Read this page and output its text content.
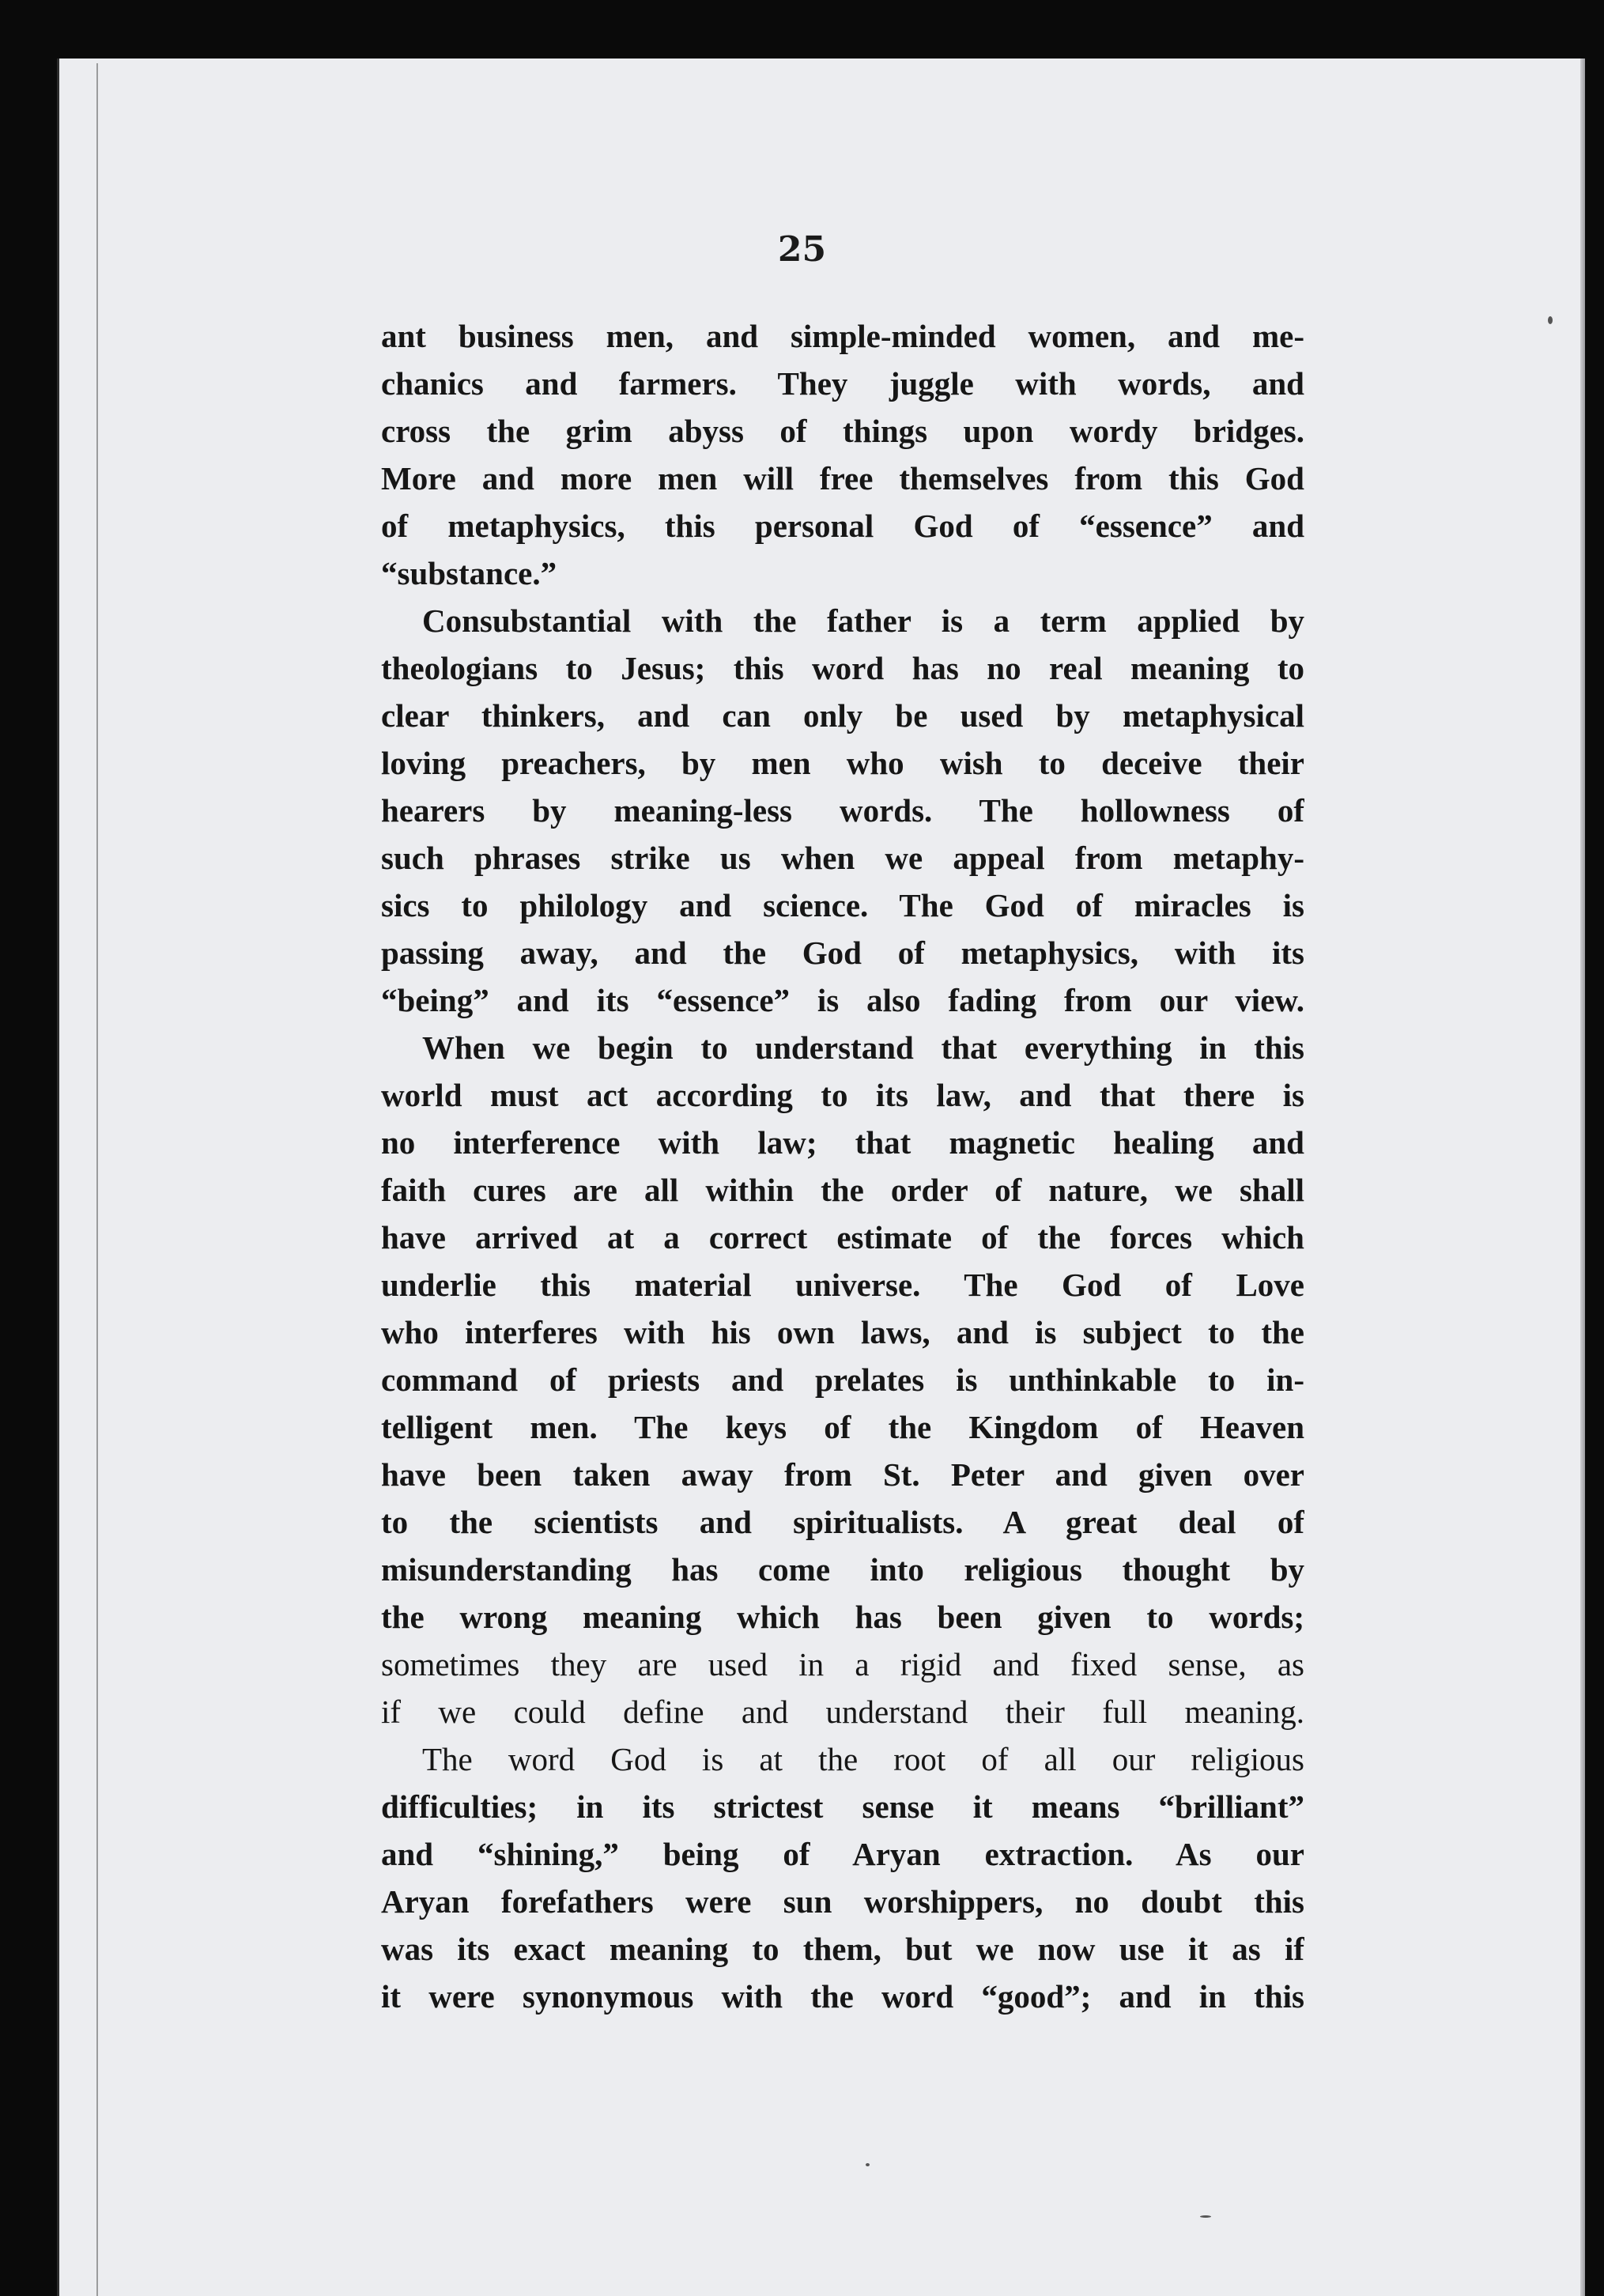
25
ant business men, and simple-minded women, and me-
chanics and farmers. They juggle with words, and
cross the grim abyss of things upon wordy bridges.
More and more men will free themselves from this God
of metaphysics, this personal God of “essence” and
“substance.”
Consubstantial with the father is a term applied by
theologians to Jesus; this word has no real meaning to
clear thinkers, and can only be used by metaphysical
loving preachers, by men who wish to deceive their
hearers by meaning-less words. The hollowness of
such phrases strike us when we appeal from metaphy-
sics to philology and science. The God of miracles is
passing away, and the God of metaphysics, with its
“being” and its “essence” is also fading from our view.
When we begin to understand that everything in this
world must act according to its law, and that there is
no interference with law; that magnetic healing and
faith cures are all within the order of nature, we shall
have arrived at a correct estimate of the forces which
underlie this material universe. The God of Love
who interferes with his own laws, and is subject to the
command of priests and prelates is unthinkable to in-
telligent men. The keys of the Kingdom of Heaven
have been taken away from St. Peter and given over
to the scientists and spiritualists. A great deal of
misunderstanding has come into religious thought by
the wrong meaning which has been given to words;
sometimes they are used in a rigid and fixed sense, as
if we could define and understand their full meaning.
The word God is at the root of all our religious
difficulties; in its strictest sense it means “brilliant”
and “shining,” being of Aryan extraction. As our
Aryan forefathers were sun worshippers, no doubt this
was its exact meaning to them, but we now use it as if
it were synonymous with the word “good”; and in this
